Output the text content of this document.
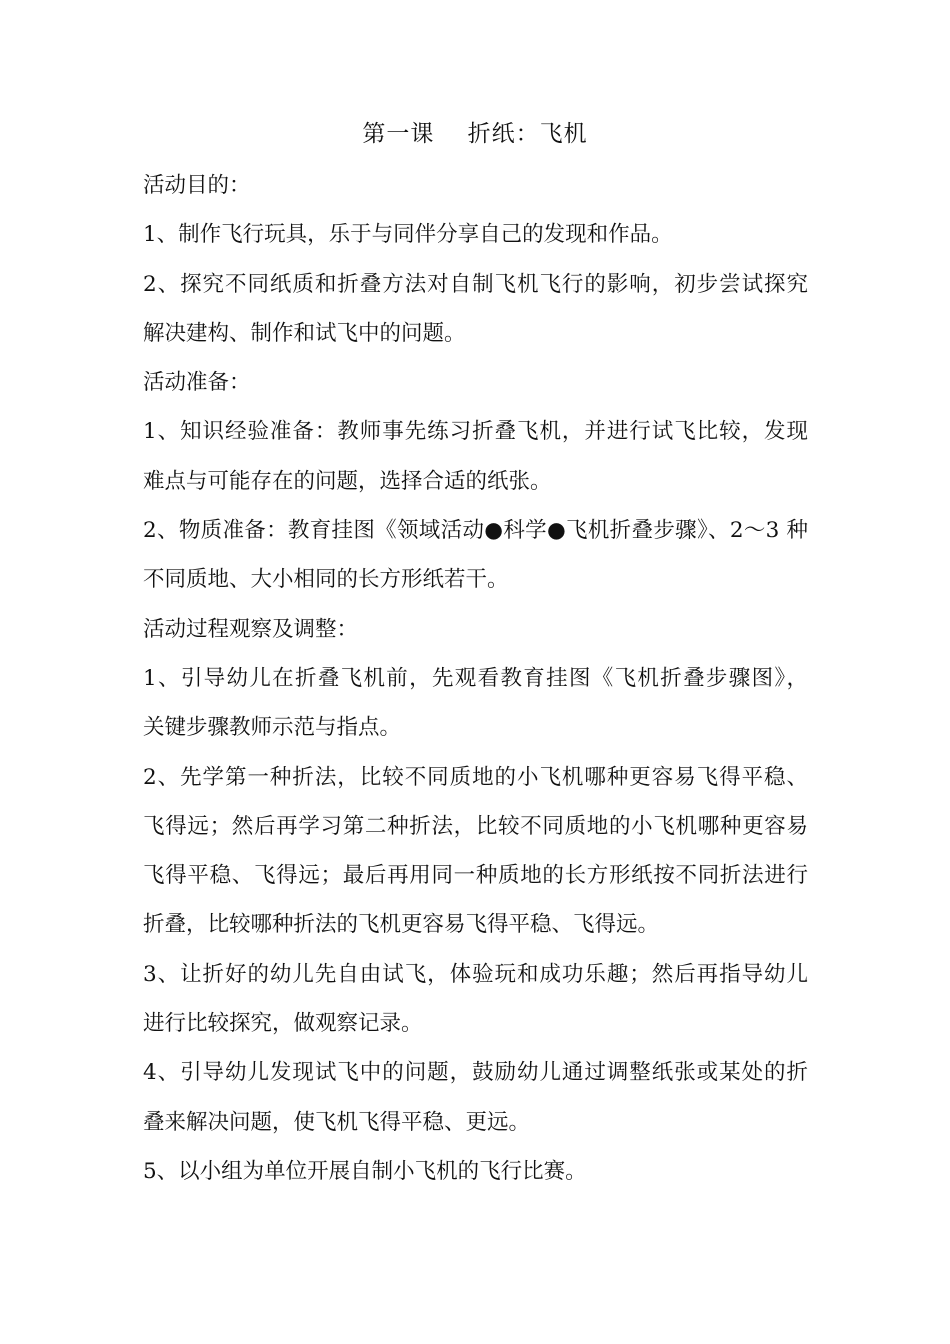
第一课    折纸：飞机
活动目的：
1、制作飞行玩具，乐于与同伴分享自己的发现和作品。
2、探究不同纸质和折叠方法对自制飞机飞行的影响，初步尝试探究
解决建构、制作和试飞中的问题。
活动准备：
1、知识经验准备：教师事先练习折叠飞机，并进行试飞比较，发现
难点与可能存在的问题，选择合适的纸张。
2、物质准备：教育挂图《领域活动●科学●飞机折叠步骤》、2～3 种
不同质地、大小相同的长方形纸若干。
活动过程观察及调整：
1、引导幼儿在折叠飞机前，先观看教育挂图《飞机折叠步骤图》，
关键步骤教师示范与指点。
2、先学第一种折法，比较不同质地的小飞机哪种更容易飞得平稳、
飞得远；然后再学习第二种折法，比较不同质地的小飞机哪种更容易
飞得平稳、飞得远；最后再用同一种质地的长方形纸按不同折法进行
折叠，比较哪种折法的飞机更容易飞得平稳、飞得远。
3、让折好的幼儿先自由试飞，体验玩和成功乐趣；然后再指导幼儿
进行比较探究，做观察记录。
4、引导幼儿发现试飞中的问题，鼓励幼儿通过调整纸张或某处的折
叠来解决问题，使飞机飞得平稳、更远。
5、以小组为单位开展自制小飞机的飞行比赛。
